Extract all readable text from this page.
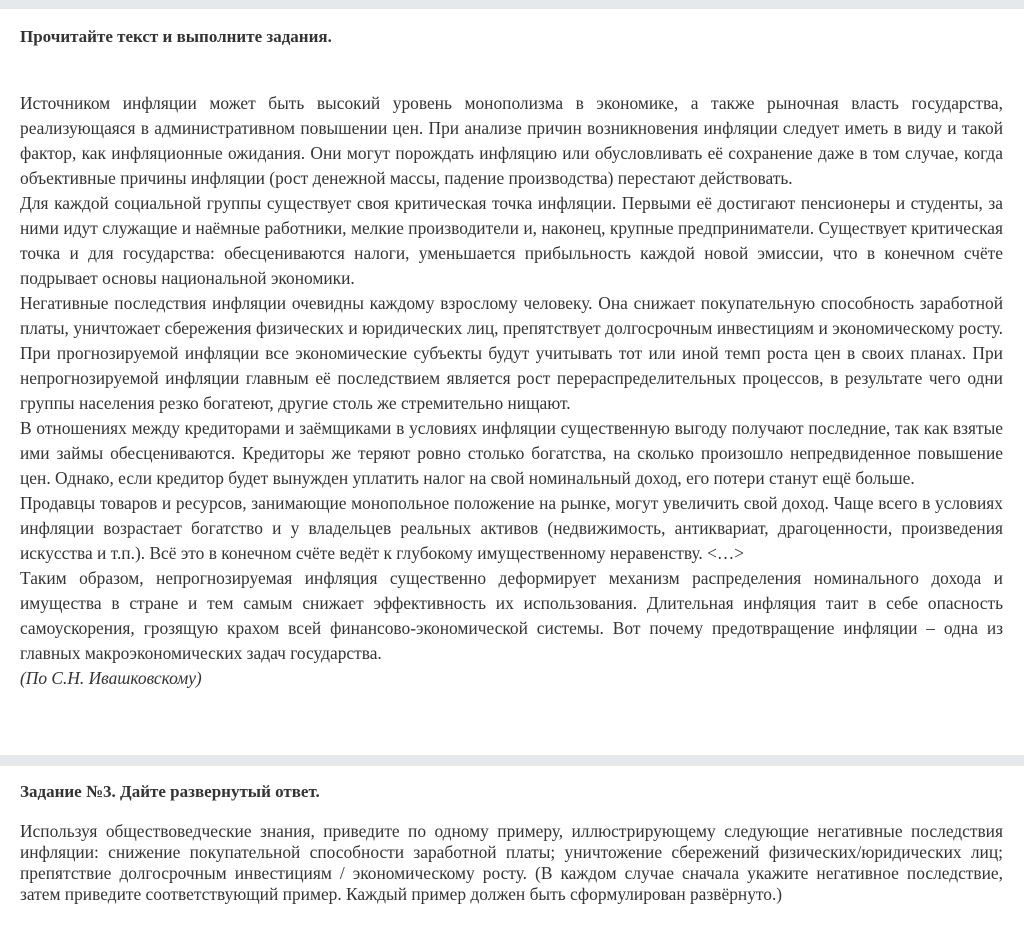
Прочитайте текст и выполните задания.

Источником инфляции может быть высокий уровень монополизма в экономике, а также рыночная власть государства, реализующаяся в административном повышении цен. При анализе причин возникновения инфляции следует иметь в виду и такой фактор, как инфляционные ожидания. Они могут порождать инфляцию или обусловливать её сохранение даже в том случае, когда объективные причины инфляции (рост денежной массы, падение производства) перестают действовать.

Для каждой социальной группы существует своя критическая точка инфляции. Первыми её достигают пенсионеры и студенты, за ними идут служащие и наёмные работники, мелкие производители и, наконец, крупные предприниматели. Существует критическая точка и для государства: обесцениваются налоги, уменьшается прибыльность каждой новой эмиссии, что в конечном счёте подрывает основы национальной экономики.

Негативные последствия инфляции очевидны каждому взрослому человеку. Она снижает покупательную способность заработной платы, уничтожает сбережения физических и юридических лиц, препятствует долгосрочным инвестициям и экономическому росту. При прогнозируемой инфляции все экономические субъекты будут учитывать тот или иной темп роста цен в своих планах. При непрогнозируемой инфляции главным её последствием является рост перераспределительных процессов, в результате чего одни группы населения резко богатеют, другие столь же стремительно нищают.

В отношениях между кредиторами и заёмщиками в условиях инфляции существенную выгоду получают последние, так как взятые ими займы обесцениваются. Кредиторы же теряют ровно столько богатства, на сколько произошло непредвиденное повышение цен. Однако, если кредитор будет вынужден уплатить налог на свой номинальный доход, его потери станут ещё больше.

Продавцы товаров и ресурсов, занимающие монопольное положение на рынке, могут увеличить свой доход. Чаще всего в условиях инфляции возрастает богатство и у владельцев реальных активов (недвижимость, антиквариат, драгоценности, произведения искусства и т.п.). Всё это в конечном счёте ведёт к глубокому имущественному неравенству. <…>

Таким образом, непрогнозируемая инфляция существенно деформирует механизм распределения номинального дохода и имущества в стране и тем самым снижает эффективность их использования. Длительная инфляция таит в себе опасность самоускорения, грозящую крахом всей финансово-экономической системы. Вот почему предотвращение инфляции – одна из главных макроэкономических задач государства.

(По С.Н. Ивашковскому)

Задание №3. Дайте развернутый ответ.

Используя обществоведческие знания, приведите по одному примеру, иллюстрирующему следующие негативные последствия инфляции: снижение покупательной способности заработной платы; уничтожение сбережений физических/юридических лиц; препятствие долгосрочным инвестициям / экономическому росту. (В каждом случае сначала укажите негативное последствие, затем приведите соответствующий пример. Каждый пример должен быть сформулирован развёрнуто.)
